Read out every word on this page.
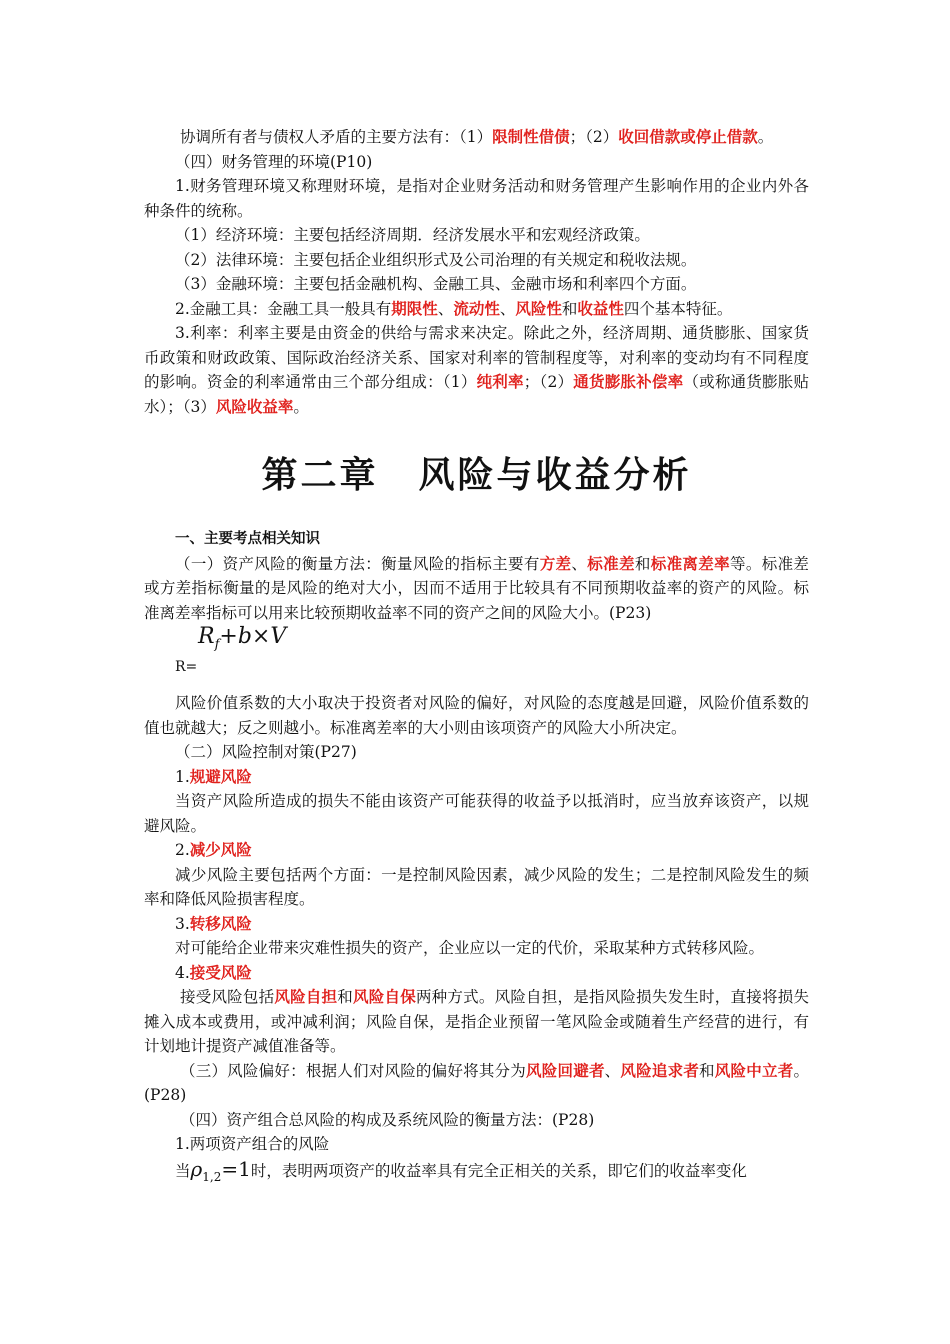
协调所有者与债权人矛盾的主要方法有：（1）限制性借债；（2）收回借款或停止借款。

（四）财务管理的环境(P10)

1.财务管理环境又称理财环境，是指对企业财务活动和财务管理产生影响作用的企业内外各种条件的统称。

（1）经济环境：主要包括经济周期．经济发展水平和宏观经济政策。

（2）法律环境：主要包括企业组织形式及公司治理的有关规定和税收法规。

（3）金融环境：主要包括金融机构、金融工具、金融市场和利率四个方面。

2.金融工具：金融工具一般具有期限性、流动性、风险性和收益性四个基本特征。

3.利率：利率主要是由资金的供给与需求来决定。除此之外，经济周期、通货膨胀、国家货币政策和财政政策、国际政治经济关系、国家对利率的管制程度等，对利率的变动均有不同程度的影响。资金的利率通常由三个部分组成：（1）纯利率；（2）通货膨胀补偿率（或称通货膨胀贴水）；（3）风险收益率。

第二章 风险与收益分析

一、主要考点相关知识

（一）资产风险的衡量方法：衡量风险的指标主要有方差、标准差和标准离差率等。标准差或方差指标衡量的是风险的绝对大小，因而不适用于比较具有不同预期收益率的资产的风险。标准离差率指标可以用来比较预期收益率不同的资产之间的风险大小。(P23)

R=
$R_f+b\times V$

风险价值系数的大小取决于投资者对风险的偏好，对风险的态度越是回避，风险价值系数的值也就越大；反之则越小。标准离差率的大小则由该项资产的风险大小所决定。

（二）风险控制对策(P27)

1.规避风险

当资产风险所造成的损失不能由该资产可能获得的收益予以抵消时，应当放弃该资产，以规避风险。

2.减少风险

减少风险主要包括两个方面：一是控制风险因素，减少风险的发生；二是控制风险发生的频率和降低风险损害程度。

3.转移风险

对可能给企业带来灾难性损失的资产，企业应以一定的代价，采取某种方式转移风险。

4.接受风险

接受风险包括风险自担和风险自保两种方式。风险自担，是指风险损失发生时，直接将损失摊入成本或费用，或冲减利润；风险自保，是指企业预留一笔风险金或随着生产经营的进行，有计划地计提资产减值准备等。

（三）风险偏好：根据人们对风险的偏好将其分为风险回避者、风险追求者和风险中立者。(P28)

（四）资产组合总风险的构成及系统风险的衡量方法：(P28)

1.两项资产组合的风险

当$\rho_{1,2}=1$时，表明两项资产的收益率具有完全正相关的关系，即它们的收益率变化
